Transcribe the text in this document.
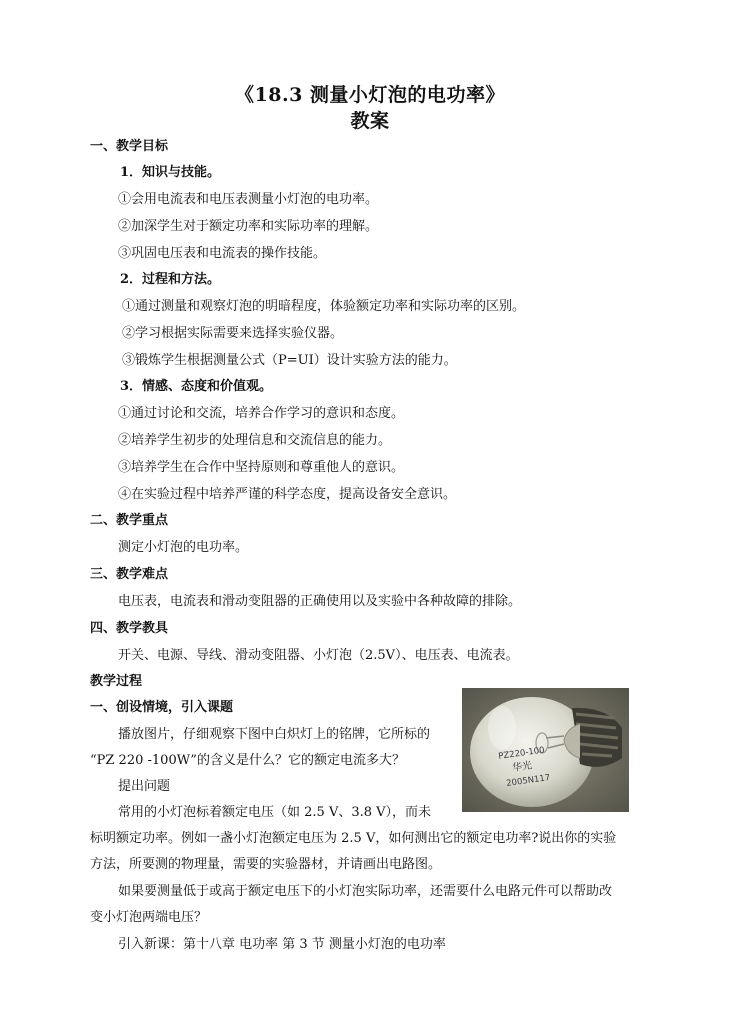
《18.3 测量小灯泡的电功率》
教案
一、教学目标
1．知识与技能。
①会用电流表和电压表测量小灯泡的电功率。
②加深学生对于额定功率和实际功率的理解。
③巩固电压表和电流表的操作技能。
2．过程和方法。
①通过测量和观察灯泡的明暗程度，体验额定功率和实际功率的区别。
②学习根据实际需要来选择实验仪器。
③锻炼学生根据测量公式（P=UI）设计实验方法的能力。
3．情感、态度和价值观。
①通过讨论和交流，培养合作学习的意识和态度。
②培养学生初步的处理信息和交流信息的能力。
③培养学生在合作中坚持原则和尊重他人的意识。
④在实验过程中培养严谨的科学态度，提高设备安全意识。
二、教学重点
测定小灯泡的电功率。
三、教学难点
电压表，电流表和滑动变阻器的正确使用以及实验中各种故障的排除。
四、教学教具
开关、电源、导线、滑动变阻器、小灯泡（2.5V）、电压表、电流表。
教学过程
一、创设情境，引入课题
播放图片，仔细观察下图中白炽灯上的铭牌，它所标的
“PZ 220 -100W”的含义是什么？它的额定电流多大？
提出问题
常用的小灯泡标着额定电压（如 2.5 V、3.8 V），而未
标明额定功率。例如一盏小灯泡额定电压为 2.5 V，如何测出它的额定电功率?说出你的实验
方法，所要测的物理量，需要的实验器材，并请画出电路图。
如果要测量低于或高于额定电压下的小灯泡实际功率，还需要什么电路元件可以帮助改
变小灯泡两端电压？
引入新课：第十八章 电功率 第 3 节 测量小灯泡的电功率
PZ220-100
华光
2005N117
